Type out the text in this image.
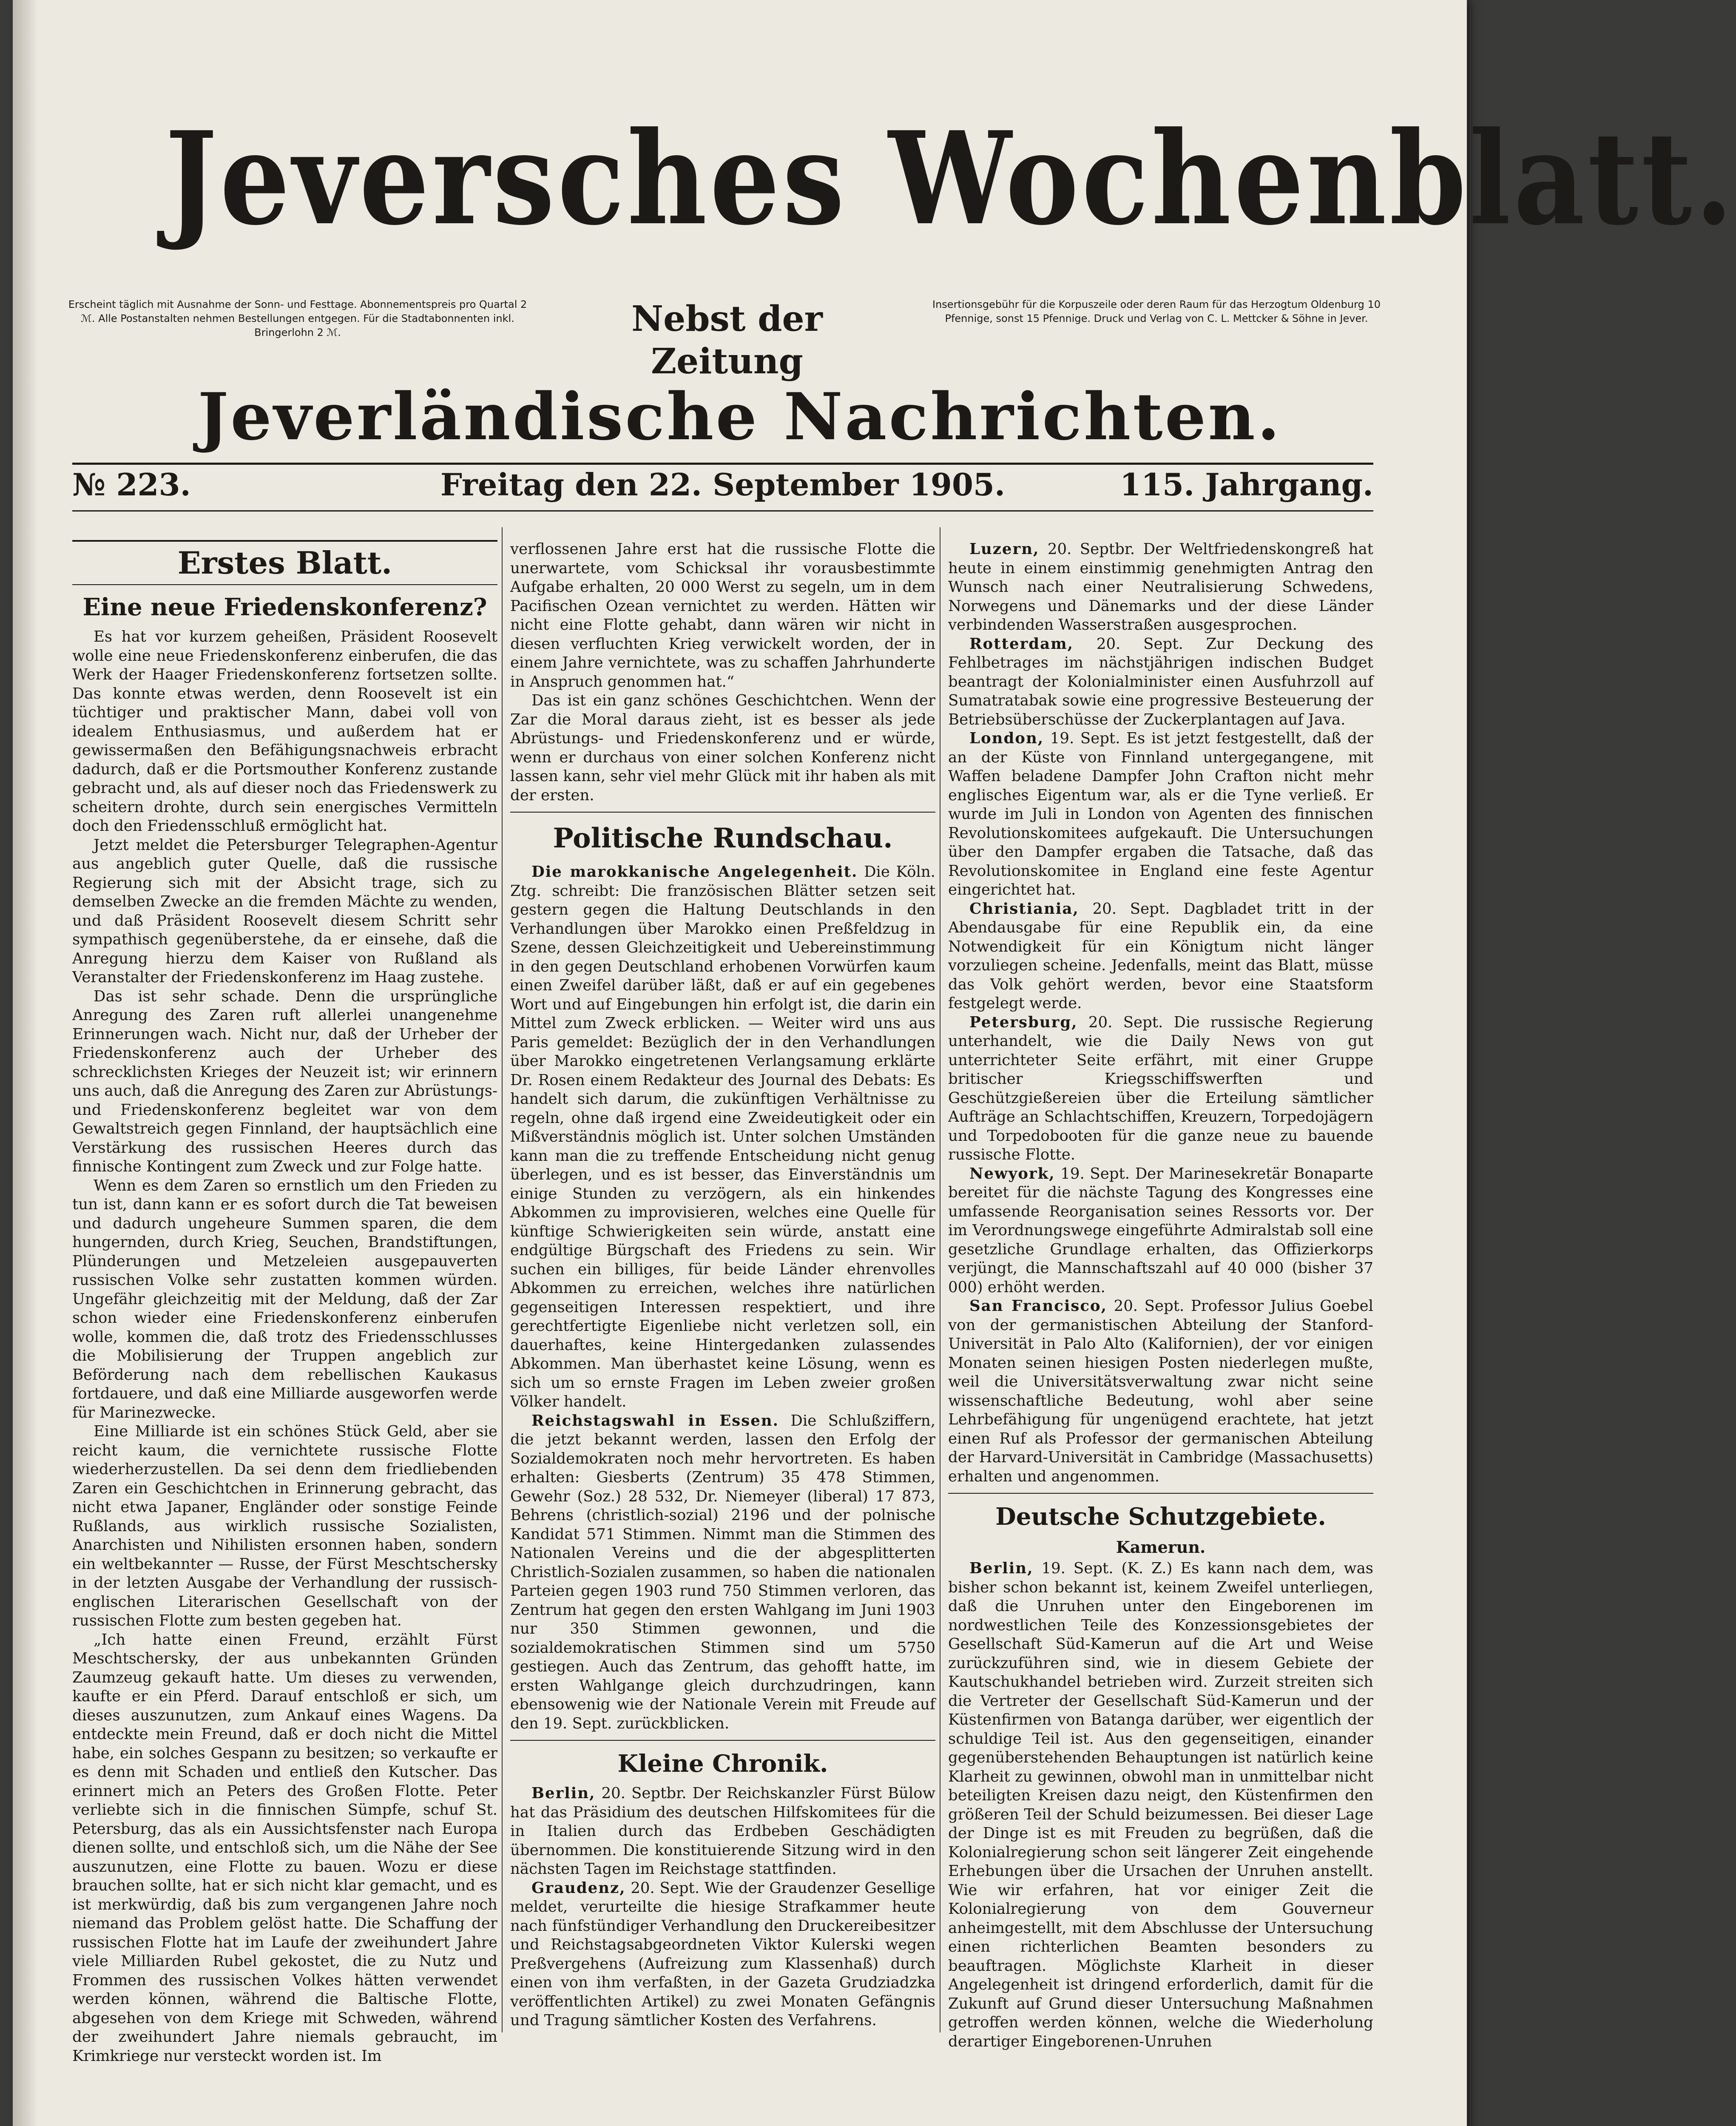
Jeversches Wochenblatt.
Erscheint täglich mit Ausnahme der Sonn- und Festtage. Abonnementspreis pro Quartal 2 ℳ. Alle Postanstalten nehmen Bestellungen entgegen. Für die Stadtabonnenten inkl. Bringerlohn 2 ℳ.	Nebst der Zeitung
Insertionsgebühr für die Korpuszeile oder deren Raum für das Herzogtum Oldenburg 10 Pfennige, sonst 15 Pfennige. Druck und Verlag von C. L. Mettcker & Söhne in Jever.
Jeverländische Nachrichten.
№ 223.	Freitag den 22. September 1905.	115. Jahrgang.
Erstes Blatt.
Eine neue Friedenskonferenz?

Es hat vor kurzem geheißen, Präsident Roosevelt wolle eine neue Friedenskonferenz einberufen, die das Werk der Haager Friedenskonferenz fortsetzen sollte. Das konnte etwas werden, denn Roosevelt ist ein tüchtiger und praktischer Mann, dabei voll von idealem Enthusiasmus, und außerdem hat er gewissermaßen den Befähigungsnachweis erbracht dadurch, daß er die Portsmouther Konferenz zustande gebracht und, als auf dieser noch das Friedenswerk zu scheitern drohte, durch sein energisches Vermitteln doch den Friedensschluß ermöglicht hat.

Jetzt meldet die Petersburger Telegraphen-Agentur aus angeblich guter Quelle, daß die russische Regierung sich mit der Absicht trage, sich zu demselben Zwecke an die fremden Mächte zu wenden, und daß Präsident Roosevelt diesem Schritt sehr sympathisch gegenüberstehe, da er einsehe, daß die Anregung hierzu dem Kaiser von Rußland als Veranstalter der Friedenskonferenz im Haag zustehe.

Das ist sehr schade. Denn die ursprüngliche Anregung des Zaren ruft allerlei unangenehme Erinnerungen wach. Nicht nur, daß der Urheber der Friedenskonferenz auch der Urheber des schrecklichsten Krieges der Neuzeit ist; wir erinnern uns auch, daß die Anregung des Zaren zur Abrüstungs- und Friedenskonferenz begleitet war von dem Gewaltstreich gegen Finnland, der hauptsächlich eine Verstärkung des russischen Heeres durch das finnische Kontingent zum Zweck und zur Folge hatte.

Wenn es dem Zaren so ernstlich um den Frieden zu tun ist, dann kann er es sofort durch die Tat beweisen und dadurch ungeheure Summen sparen, die dem hungernden, durch Krieg, Seuchen, Brandstiftungen, Plünderungen und Metzeleien ausgepauverten russischen Volke sehr zustatten kommen würden. Ungefähr gleichzeitig mit der Meldung, daß der Zar schon wieder eine Friedenskonferenz einberufen wolle, kommen die, daß trotz des Friedensschlusses die Mobilisierung der Truppen angeblich zur Beförderung nach dem rebellischen Kaukasus fortdauere, und daß eine Milliarde ausgeworfen werde für Marinezwecke.

Eine Milliarde ist ein schönes Stück Geld, aber sie reicht kaum, die vernichtete russische Flotte wiederherzustellen. Da sei denn dem friedliebenden Zaren ein Geschichtchen in Erinnerung gebracht, das nicht etwa Japaner, Engländer oder sonstige Feinde Rußlands, aus wirklich russische Sozialisten, Anarchisten und Nihilisten ersonnen haben, sondern ein weltbekannter — Russe, der Fürst Meschtschersky in der letzten Ausgabe der Verhandlung der russisch-englischen Literarischen Gesellschaft von der russischen Flotte zum besten gegeben hat.

„Ich hatte einen Freund, erzählt Fürst Meschtschersky, der aus unbekannten Gründen Zaumzeug gekauft hatte. Um dieses zu verwenden, kaufte er ein Pferd. Darauf entschloß er sich, um dieses auszunutzen, zum Ankauf eines Wagens. Da entdeckte mein Freund, daß er doch nicht die Mittel habe, ein solches Gespann zu besitzen; so verkaufte er es denn mit Schaden und entließ den Kutscher. Das erinnert mich an Peters des Großen Flotte. Peter verliebte sich in die finnischen Sümpfe, schuf St. Petersburg, das als ein Aussichtsfenster nach Europa dienen sollte, und entschloß sich, um die Nähe der See auszunutzen, eine Flotte zu bauen. Wozu er diese brauchen sollte, hat er sich nicht klar gemacht, und es ist merkwürdig, daß bis zum vergangenen Jahre noch niemand das Problem gelöst hatte. Die Schaffung der russischen Flotte hat im Laufe der zweihundert Jahre viele Milliarden Rubel gekostet, die zu Nutz und Frommen des russischen Volkes hätten verwendet werden können, während die Baltische Flotte, abgesehen von dem Kriege mit Schweden, während der zweihundert Jahre niemals gebraucht, im Krimkriege nur versteckt worden ist. Im

verflossenen Jahre erst hat die russische Flotte die unerwartete, vom Schicksal ihr vorausbestimmte Aufgabe erhalten, 20 000 Werst zu segeln, um in dem Pacifischen Ozean vernichtet zu werden. Hätten wir nicht eine Flotte gehabt, dann wären wir nicht in diesen verfluchten Krieg verwickelt worden, der in einem Jahre vernichtete, was zu schaffen Jahrhunderte in Anspruch genommen hat.“

Das ist ein ganz schönes Geschichtchen. Wenn der Zar die Moral daraus zieht, ist es besser als jede Abrüstungs- und Friedenskonferenz und er würde, wenn er durchaus von einer solchen Konferenz nicht lassen kann, sehr viel mehr Glück mit ihr haben als mit der ersten.

Politische Rundschau.

Die marokkanische Angelegenheit. Die Köln. Ztg. schreibt: Die französischen Blätter setzen seit gestern gegen die Haltung Deutschlands in den Verhandlungen über Marokko einen Preßfeldzug in Szene, dessen Gleichzeitigkeit und Uebereinstimmung in den gegen Deutschland erhobenen Vorwürfen kaum einen Zweifel darüber läßt, daß er auf ein gegebenes Wort und auf Eingebungen hin erfolgt ist, die darin ein Mittel zum Zweck erblicken. — Weiter wird uns aus Paris gemeldet: Bezüglich der in den Verhandlungen über Marokko eingetretenen Verlangsamung erklärte Dr. Rosen einem Redakteur des Journal des Debats: Es handelt sich darum, die zukünftigen Verhältnisse zu regeln, ohne daß irgend eine Zweideutigkeit oder ein Mißverständnis möglich ist. Unter solchen Umständen kann man die zu treffende Entscheidung nicht genug überlegen, und es ist besser, das Einverständnis um einige Stunden zu verzögern, als ein hinkendes Abkommen zu improvisieren, welches eine Quelle für künftige Schwierigkeiten sein würde, anstatt eine endgültige Bürgschaft des Friedens zu sein. Wir suchen ein billiges, für beide Länder ehrenvolles Abkommen zu erreichen, welches ihre natürlichen gegenseitigen Interessen respektiert, und ihre gerechtfertigte Eigenliebe nicht verletzen soll, ein dauerhaftes, keine Hintergedanken zulassendes Abkommen. Man überhastet keine Lösung, wenn es sich um so ernste Fragen im Leben zweier großen Völker handelt.

Reichstagswahl in Essen. Die Schlußziffern, die jetzt bekannt werden, lassen den Erfolg der Sozialdemokraten noch mehr hervortreten. Es haben erhalten: Giesberts (Zentrum) 35 478 Stimmen, Gewehr (Soz.) 28 532, Dr. Niemeyer (liberal) 17 873, Behrens (christlich-sozial) 2196 und der polnische Kandidat 571 Stimmen. Nimmt man die Stimmen des Nationalen Vereins und die der abgesplitterten Christlich-Sozialen zusammen, so haben die nationalen Parteien gegen 1903 rund 750 Stimmen verloren, das Zentrum hat gegen den ersten Wahlgang im Juni 1903 nur 350 Stimmen gewonnen, und die sozialdemokratischen Stimmen sind um 5750 gestiegen. Auch das Zentrum, das gehofft hatte, im ersten Wahlgange gleich durchzudringen, kann ebensowenig wie der Nationale Verein mit Freude auf den 19. Sept. zurückblicken.

Kleine Chronik.

Berlin, 20. Septbr. Der Reichskanzler Fürst Bülow hat das Präsidium des deutschen Hilfskomitees für die in Italien durch das Erdbeben Geschädigten übernommen. Die konstituierende Sitzung wird in den nächsten Tagen im Reichstage stattfinden.

Graudenz, 20. Sept. Wie der Graudenzer Gesellige meldet, verurteilte die hiesige Strafkammer heute nach fünfstündiger Verhandlung den Druckereibesitzer und Reichstagsabgeordneten Viktor Kulerski wegen Preßvergehens (Aufreizung zum Klassenhaß) durch einen von ihm verfaßten, in der Gazeta Grudziadzka veröffentlichten Artikel) zu zwei Monaten Gefängnis und Tragung sämtlicher Kosten des Verfahrens.

Luzern, 20. Septbr. Der Weltfriedenskongreß hat heute in einem einstimmig genehmigten Antrag den Wunsch nach einer Neutralisierung Schwedens, Norwegens und Dänemarks und der diese Länder verbindenden Wasserstraßen ausgesprochen.

Rotterdam, 20. Sept. Zur Deckung des Fehlbetrages im nächstjährigen indischen Budget beantragt der Kolonialminister einen Ausfuhrzoll auf Sumatratabak sowie eine progressive Besteuerung der Betriebsüberschüsse der Zuckerplantagen auf Java.

London, 19. Sept. Es ist jetzt festgestellt, daß der an der Küste von Finnland untergegangene, mit Waffen beladene Dampfer John Crafton nicht mehr englisches Eigentum war, als er die Tyne verließ. Er wurde im Juli in London von Agenten des finnischen Revolutionskomitees aufgekauft. Die Untersuchungen über den Dampfer ergaben die Tatsache, daß das Revolutionskomitee in England eine feste Agentur eingerichtet hat.

Christiania, 20. Sept. Dagbladet tritt in der Abendausgabe für eine Republik ein, da eine Notwendigkeit für ein Königtum nicht länger vorzuliegen scheine. Jedenfalls, meint das Blatt, müsse das Volk gehört werden, bevor eine Staatsform festgelegt werde.

Petersburg, 20. Sept. Die russische Regierung unterhandelt, wie die Daily News von gut unterrichteter Seite erfährt, mit einer Gruppe britischer Kriegsschiffswerften und Geschützgießereien über die Erteilung sämtlicher Aufträge an Schlachtschiffen, Kreuzern, Torpedojägern und Torpedobooten für die ganze neue zu bauende russische Flotte.

Newyork, 19. Sept. Der Marinesekretär Bonaparte bereitet für die nächste Tagung des Kongresses eine umfassende Reorganisation seines Ressorts vor. Der im Verordnungswege eingeführte Admiralstab soll eine gesetzliche Grundlage erhalten, das Offizierkorps verjüngt, die Mannschaftszahl auf 40 000 (bisher 37 000) erhöht werden.

San Francisco, 20. Sept. Professor Julius Goebel von der germanistischen Abteilung der Stanford-Universität in Palo Alto (Kalifornien), der vor einigen Monaten seinen hiesigen Posten niederlegen mußte, weil die Universitätsverwaltung zwar nicht seine wissenschaftliche Bedeutung, wohl aber seine Lehrbefähigung für ungenügend erachtete, hat jetzt einen Ruf als Professor der germanischen Abteilung der Harvard-Universität in Cambridge (Massachusetts) erhalten und angenommen.

Deutsche Schutzgebiete.
Kamerun.

Berlin, 19. Sept. (K. Z.) Es kann nach dem, was bisher schon bekannt ist, keinem Zweifel unterliegen, daß die Unruhen unter den Eingeborenen im nordwestlichen Teile des Konzessionsgebietes der Gesellschaft Süd-Kamerun auf die Art und Weise zurückzuführen sind, wie in diesem Gebiete der Kautschukhandel betrieben wird. Zurzeit streiten sich die Vertreter der Gesellschaft Süd-Kamerun und der Küstenfirmen von Batanga darüber, wer eigentlich der schuldige Teil ist. Aus den gegenseitigen, einander gegenüberstehenden Behauptungen ist natürlich keine Klarheit zu gewinnen, obwohl man in unmittelbar nicht beteiligten Kreisen dazu neigt, den Küstenfirmen den größeren Teil der Schuld beizumessen. Bei dieser Lage der Dinge ist es mit Freuden zu begrüßen, daß die Kolonialregierung schon seit längerer Zeit eingehende Erhebungen über die Ursachen der Unruhen anstellt. Wie wir erfahren, hat vor einiger Zeit die Kolonialregierung von dem Gouverneur anheimgestellt, mit dem Abschlusse der Untersuchung einen richterlichen Beamten besonders zu beauftragen. Möglichste Klarheit in dieser Angelegenheit ist dringend erforderlich, damit für die Zukunft auf Grund dieser Untersuchung Maßnahmen getroffen werden können, welche die Wiederholung derartiger Eingeborenen-Unruhen
